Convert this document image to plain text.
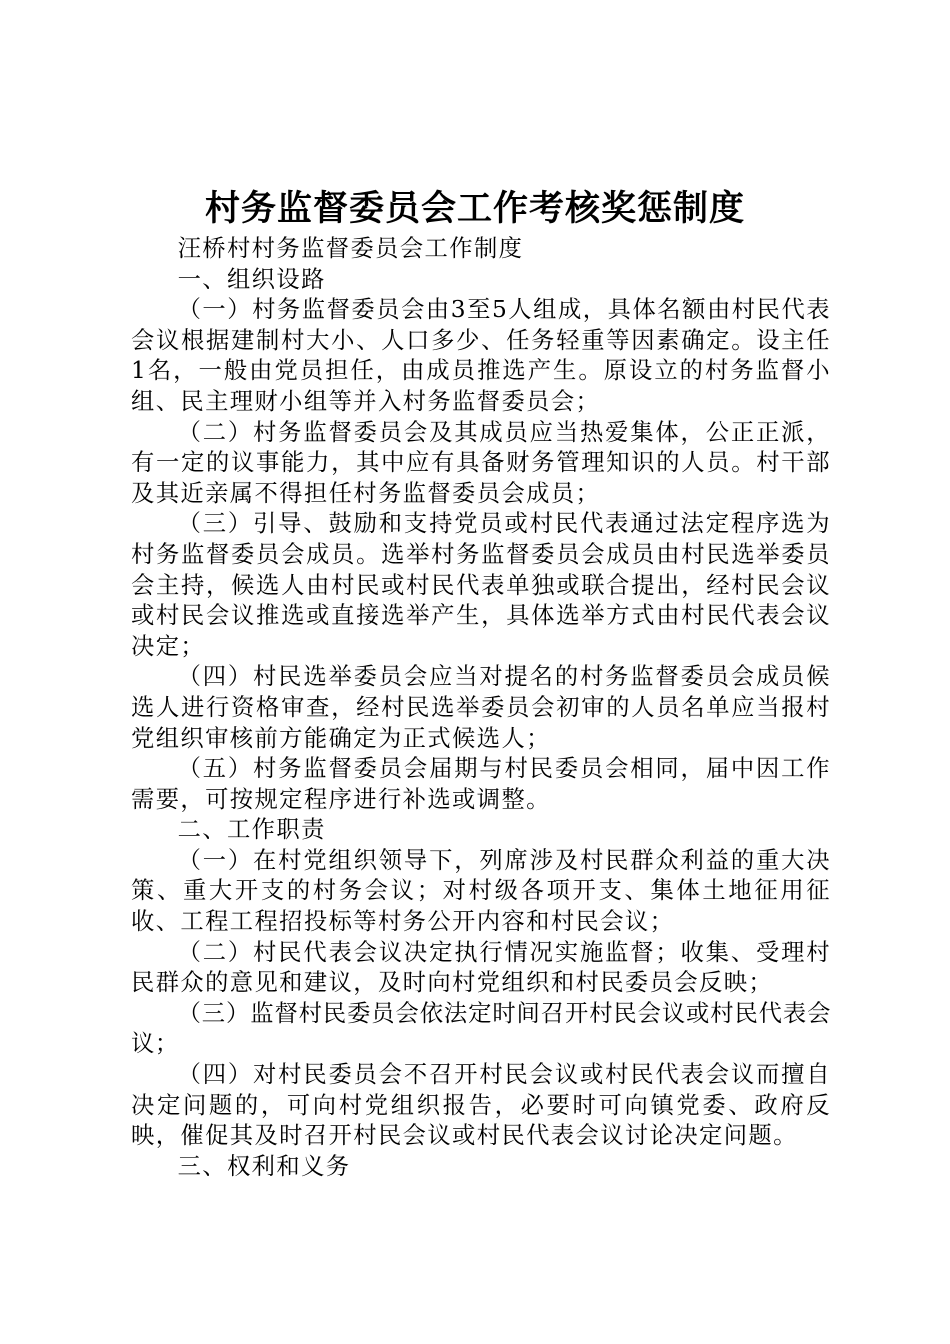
村务监督委员会工作考核奖惩制度

汪桥村村务监督委员会工作制度

一、组织设路

（一）村务监督委员会由3至5人组成，具体名额由村民代表会议根据建制村大小、人口多少、任务轻重等因素确定。设主任1名，一般由党员担任，由成员推选产生。原设立的村务监督小组、民主理财小组等并入村务监督委员会；

（二）村务监督委员会及其成员应当热爱集体，公正正派，有一定的议事能力，其中应有具备财务管理知识的人员。村干部及其近亲属不得担任村务监督委员会成员；

（三）引导、鼓励和支持党员或村民代表通过法定程序选为村务监督委员会成员。选举村务监督委员会成员由村民选举委员会主持，候选人由村民或村民代表单独或联合提出，经村民会议或村民会议推选或直接选举产生，具体选举方式由村民代表会议决定；

（四）村民选举委员会应当对提名的村务监督委员会成员候选人进行资格审查，经村民选举委员会初审的人员名单应当报村党组织审核前方能确定为正式候选人；

（五）村务监督委员会届期与村民委员会相同，届中因工作需要，可按规定程序进行补选或调整。

二、工作职责

（一）在村党组织领导下，列席涉及村民群众利益的重大决策、重大开支的村务会议；对村级各项开支、集体土地征用征收、工程工程招投标等村务公开内容和村民会议；

（二）村民代表会议决定执行情况实施监督；收集、受理村民群众的意见和建议，及时向村党组织和村民委员会反映；

（三）监督村民委员会依法定时间召开村民会议或村民代表会议；

（四）对村民委员会不召开村民会议或村民代表会议而擅自决定问题的，可向村党组织报告，必要时可向镇党委、政府反映，催促其及时召开村民会议或村民代表会议讨论决定问题。

三、权利和义务
